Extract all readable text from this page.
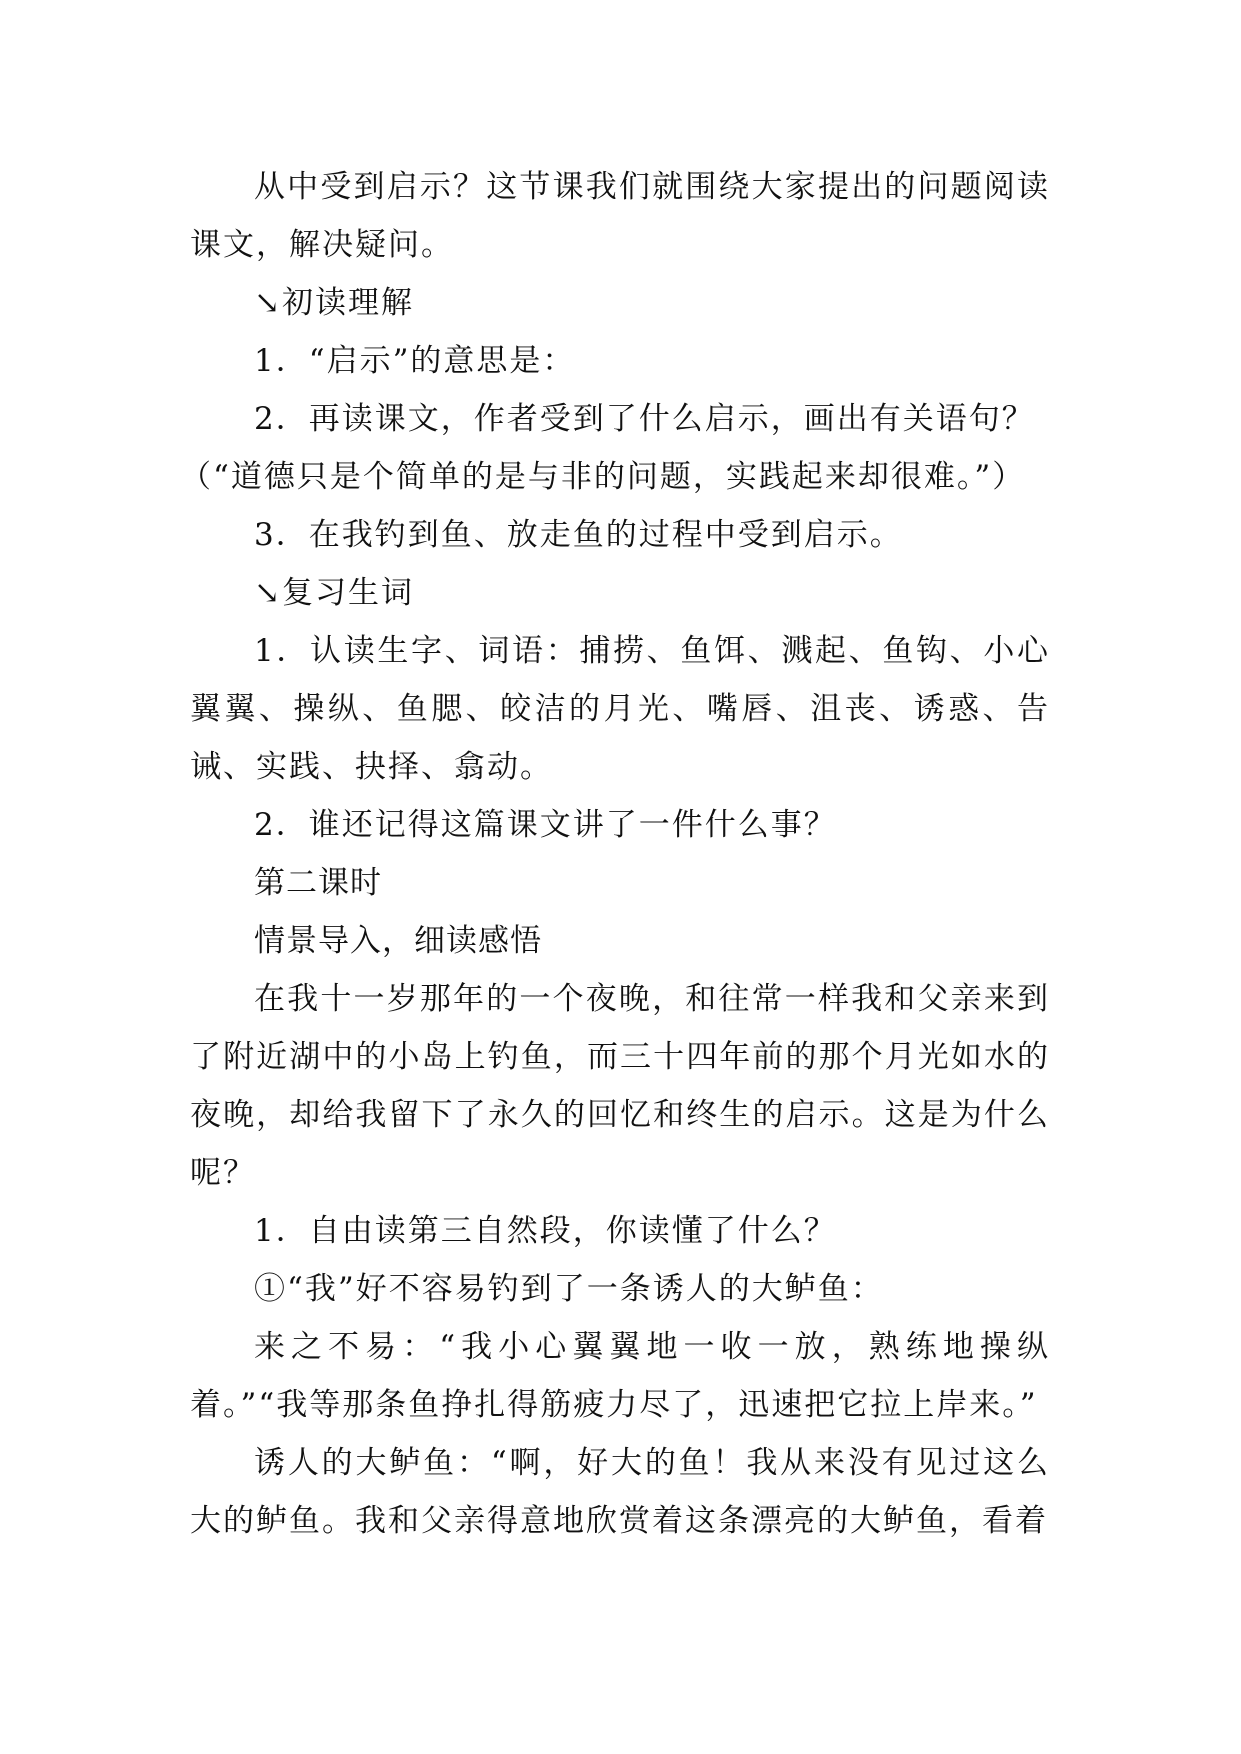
从中受到启示？这节课我们就围绕大家提出的问题阅读课文，解决疑问。

↘初读理解

1．“启示”的意思是：

2．再读课文，作者受到了什么启示，画出有关语句？

（“道德只是个简单的是与非的问题，实践起来却很难。”）

3．在我钓到鱼、放走鱼的过程中受到启示。

↘复习生词

1．认读生字、词语：捕捞、鱼饵、溅起、鱼钩、小心翼翼、操纵、鱼腮、皎洁的月光、嘴唇、沮丧、诱惑、告诫、实践、抉择、翕动。

2．谁还记得这篇课文讲了一件什么事？

第二课时

情景导入，细读感悟

在我十一岁那年的一个夜晚，和往常一样我和父亲来到了附近湖中的小岛上钓鱼，而三十四年前的那个月光如水的夜晚，却给我留下了永久的回忆和终生的启示。这是为什么呢？

1．自由读第三自然段，你读懂了什么？

①“我”好不容易钓到了一条诱人的大鲈鱼：

来之不易：“我小心翼翼地一收一放，熟练地操纵着。”“我等那条鱼挣扎得筋疲力尽了，迅速把它拉上岸来。”

诱人的大鲈鱼：“啊，好大的鱼！我从来没有见过这么大的鲈鱼。我和父亲得意地欣赏着这条漂亮的大鲈鱼，看着
